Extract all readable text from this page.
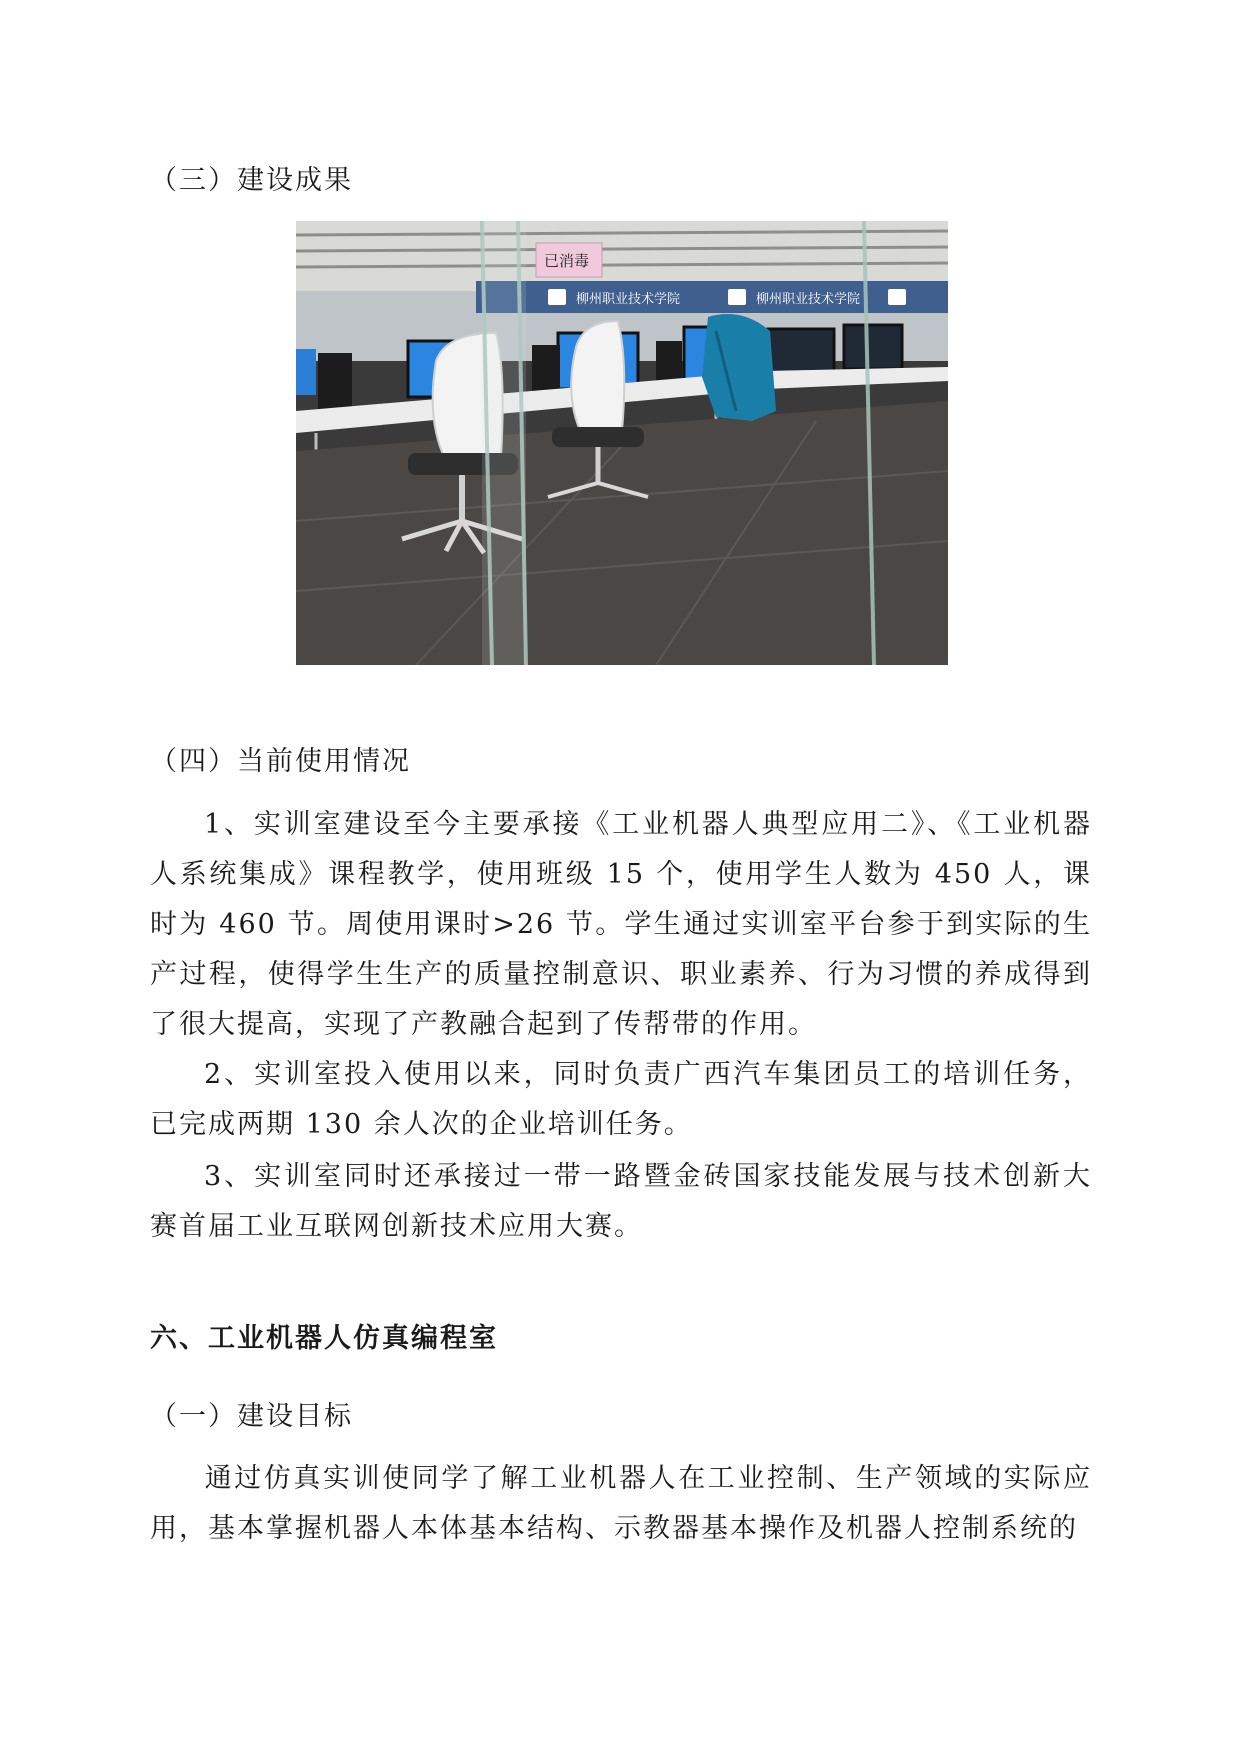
（三）建设成果
柳州职业技术学院	柳州职业技术学院
已消毒
（四）当前使用情况

1、实训室建设至今主要承接《工业机器人典型应用二》、《工业机器人系统集成》课程教学，使用班级 15 个，使用学生人数为 450 人，课时为 460 节。周使用课时>26 节。学生通过实训室平台参于到实际的生产过程，使得学生生产的质量控制意识、职业素养、行为习惯的养成得到了很大提高，实现了产教融合起到了传帮带的作用。

2、实训室投入使用以来，同时负责广西汽车集团员工的培训任务，已完成两期 130 余人次的企业培训任务。

3、实训室同时还承接过一带一路暨金砖国家技能发展与技术创新大赛首届工业互联网创新技术应用大赛。

六、工业机器人仿真编程室
（一）建设目标

通过仿真实训使同学了解工业机器人在工业控制、生产领域的实际应用，基本掌握机器人本体基本结构、示教器基本操作及机器人控制系统的
